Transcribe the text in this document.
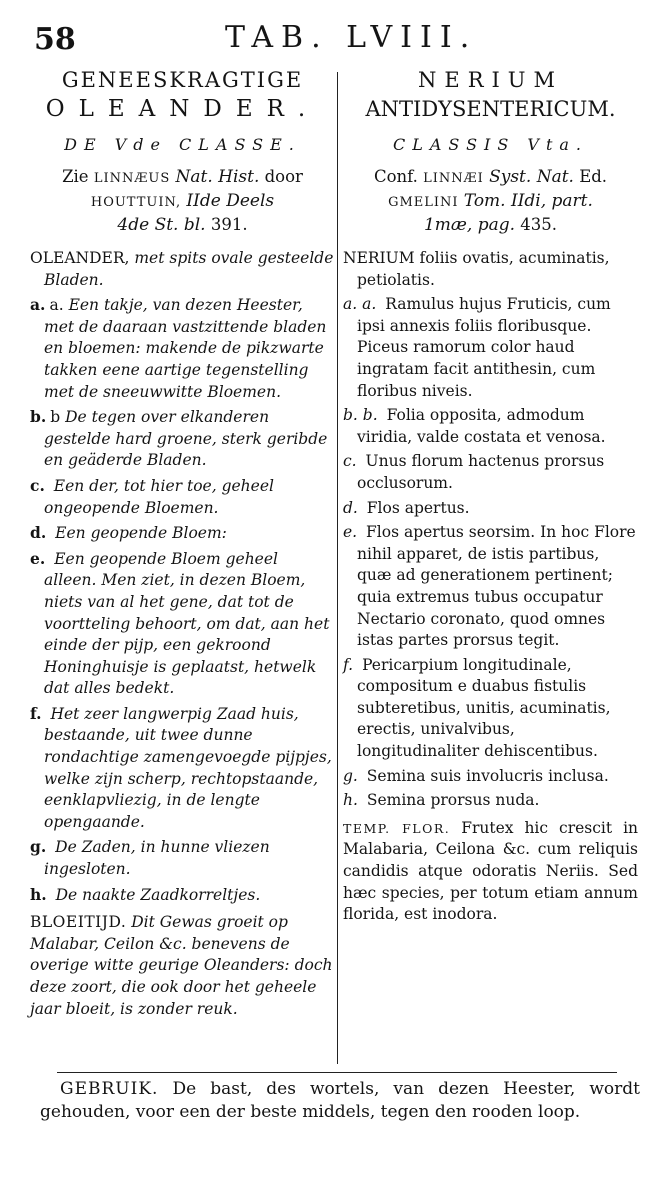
58	TAB. LVIII.
GENEESKRAGTIGE
OLEANDER.
DE Vde CLASSE.
Zie LINNÆUS Nat. Hist. door
HOUTTUIN, IIde Deels
4de St. bl. 391.
OLEANDER, met spits ovale gesteelde Bladen.
a. a. Een takje, van dezen Heester, met de daaraan vastzittende bladen en bloemen: makende de pikzwarte takken eene aartige tegenstelling met de sneeuwwitte Bloemen.
b. b De tegen over elkanderen gestelde hard groene, sterk geribde en geäderde Bladen.
c. Een der, tot hier toe, geheel ongeopende Bloemen.
d. Een geopende Bloem:
e. Een geopende Bloem geheel alleen. Men ziet, in dezen Bloem, niets van al het gene, dat tot de voortteling behoort, om dat, aan het einde der pijp, een gekroond Honinghuisje is geplaatst, hetwelk dat alles bedekt.
f. Het zeer langwerpig Zaad huis, bestaande, uit twee dunne rondachtige zamengevoegde pijpjes, welke zijn scherp, rechtopstaande, eenklapvliezig, in de lengte opengaande.
g. De Zaden, in hunne vliezen ingesloten.
h. De naakte Zaadkorreltjes.
BLOEITIJD. Dit Gewas groeit op Malabar, Ceilon &c. benevens de overige witte geurige Oleanders: doch deze zoort, die ook door het geheele jaar bloeit, is zonder reuk.
NERIUM
ANTIDYSENTERICUM.
CLASSIS Vta.
Conf. LINNÆI Syst. Nat. Ed.
GMELINI Tom. IIdi, part.
1mæ, pag. 435.
NERIUM foliis ovatis, acuminatis, petiolatis.
a. a. Ramulus hujus Fruticis, cum ipsi annexis foliis floribusque. Piceus ramorum color haud ingratam facit antithesin, cum floribus niveis.
b. b. Folia opposita, admodum viridia, valde costata et venosa.
c. Unus florum hactenus prorsus occlusorum.
d. Flos apertus.
e. Flos apertus seorsim. In hoc Flore nihil apparet, de istis partibus, quæ ad generationem pertinent; quia extremus tubus occupatur Nectario coronato, quod omnes istas partes prorsus tegit.
f. Pericarpium longitudinale, compositum e duabus fistulis subteretibus, unitis, acuminatis, erectis, univalvibus, longitudinaliter dehiscentibus.
g. Semina suis involucris inclusa.
h. Semina prorsus nuda.
TEMP. FLOR. Frutex hic crescit in Malabaria, Ceilona &c. cum reliquis candidis atque odoratis Neriis. Sed hæc species, per totum etiam annum florida, est inodora.
GEBRUIK. De bast, des wortels, van dezen Heester, wordt gehouden, voor een der beste middels, tegen den rooden loop.
